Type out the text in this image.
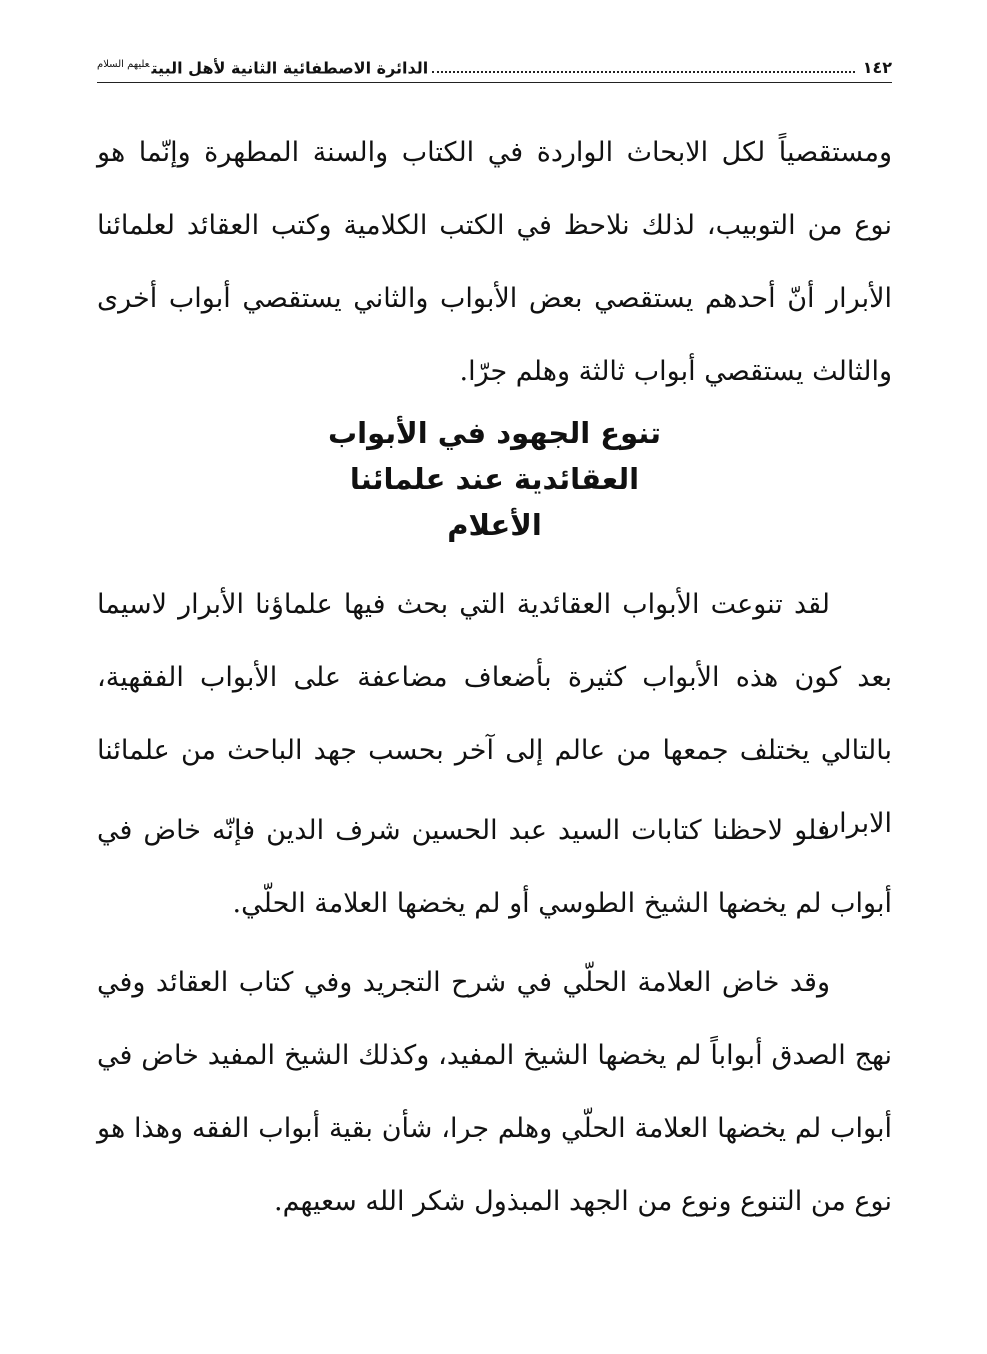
١٤٢
الدائرة الاصطفائية الثانية لأهل البيت$^{عليهم السلام}$

ومستقصياً لكل الابحاث الواردة في الكتاب والسنة المطهرة وإنّما هو نوع من التوبيب، لذلك نلاحظ في الكتب الكلامية وكتب العقائد لعلمائنا الأبرار أنّ أحدهم يستقصي بعض الأبواب والثاني يستقصي أبواب أخرى والثالث يستقصي أبواب ثالثة وهلم جرّا.

تنوع الجهود في الأبواب
العقائدية عند علمائنا
الأعلام

لقد تنوعت الأبواب العقائدية التي بحث فيها علماؤنا الأبرار لاسيما بعد كون هذه الأبواب كثيرة بأضعاف مضاعفة على الأبواب الفقهية، بالتالي يختلف جمعها من عالم إلى آخر بحسب جهد الباحث من علمائنا الابرار.

فلو لاحظنا كتابات السيد عبد الحسين شرف الدين فإنّه خاض في أبواب لم يخضها الشيخ الطوسي أو لم يخضها العلامة الحلّي.

وقد خاض العلامة الحلّي في شرح التجريد وفي كتاب العقائد وفي نهج الصدق أبواباً لم يخضها الشيخ المفيد، وكذلك الشيخ المفيد خاض في أبواب لم يخضها العلامة الحلّي وهلم جرا، شأن بقية أبواب الفقه وهذا هو نوع من التنوع ونوع من الجهد المبذول شكر الله سعيهم.
